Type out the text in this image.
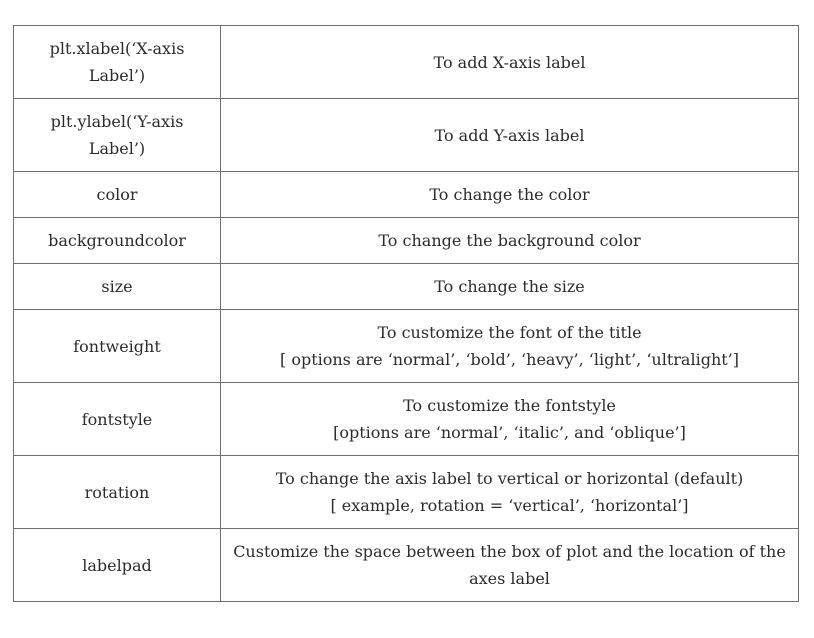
plt.xlabel(‘X-axis
Label’)	To add X-axis label

plt.ylabel(‘Y-axis
Label’)	To add Y-axis label

color	To change the color

backgroundcolor	To change the background color

size	To change the size

fontweight	To customize the font of the title
[ options are ‘normal’, ‘bold’, ‘heavy’, ‘light’, ‘ultralight’]

fontstyle	To customize the fontstyle
[options are ‘normal’, ‘italic’, and ‘oblique’]

rotation	To change the axis label to vertical or horizontal (default)
[ example, rotation = ‘vertical’, ‘horizontal’]

labelpad	Customize the space between the box of plot and the location of the
axes label
